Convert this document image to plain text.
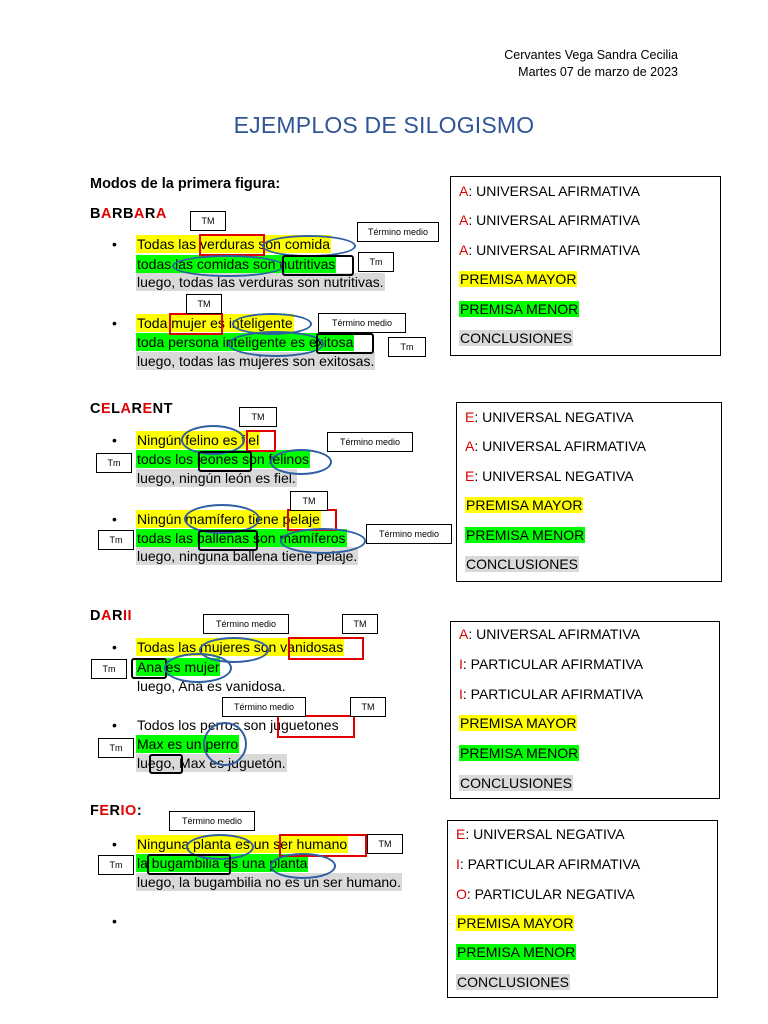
Cervantes Vega Sandra Cecilia
Martes 07 de marzo de 2023
EJEMPLOS DE SILOGISMO
Modos de la primera figura:
BARBARA
• Todas las verduras son comida
todas las comidas son nutritivas
luego, todas las verduras son nutritivas.
• Toda mujer es inteligente
toda persona inteligente es exitosa
luego, todas las mujeres son exitosas.
TM
Término medio
Tm
TM
Término medio
Tm
A: UNIVERSAL AFIRMATIVA
A: UNIVERSAL AFIRMATIVA
A: UNIVERSAL AFIRMATIVA
PREMISA MAYOR
PREMISA MENOR
CONCLUSIONES
CELARENT
• Ningún felino es fiel
todos los leones son felinos
luego, ningún león es fiel.
• Ningún mamífero tiene pelaje
todas las ballenas son mamíferos
luego, ninguna ballena tiene pelaje.
TM
Término medio
Tm
TM
Término medio
Tm
E: UNIVERSAL NEGATIVA
A: UNIVERSAL AFIRMATIVA
E: UNIVERSAL NEGATIVA
PREMISA MAYOR
PREMISA MENOR
CONCLUSIONES
DARII
• Todas las mujeres son vanidosas
Ana es mujer
luego, Ana es vanidosa.
• Todos los perros son juguetones
Max es un perro
luego, Max es juguetón.
Término medio	TM
Tm
Término medio	TM
Tm
A: UNIVERSAL AFIRMATIVA
I: PARTICULAR AFIRMATIVA
I: PARTICULAR AFIRMATIVA
PREMISA MAYOR
PREMISA MENOR
CONCLUSIONES
FERIO:
• Ninguna planta es un ser humano
la bugambilia es una planta
luego, la bugambilia no es un ser humano.
•
Término medio
TM
Tm
E: UNIVERSAL NEGATIVA
I: PARTICULAR AFIRMATIVA
O: PARTICULAR NEGATIVA
PREMISA MAYOR
PREMISA MENOR
CONCLUSIONES
